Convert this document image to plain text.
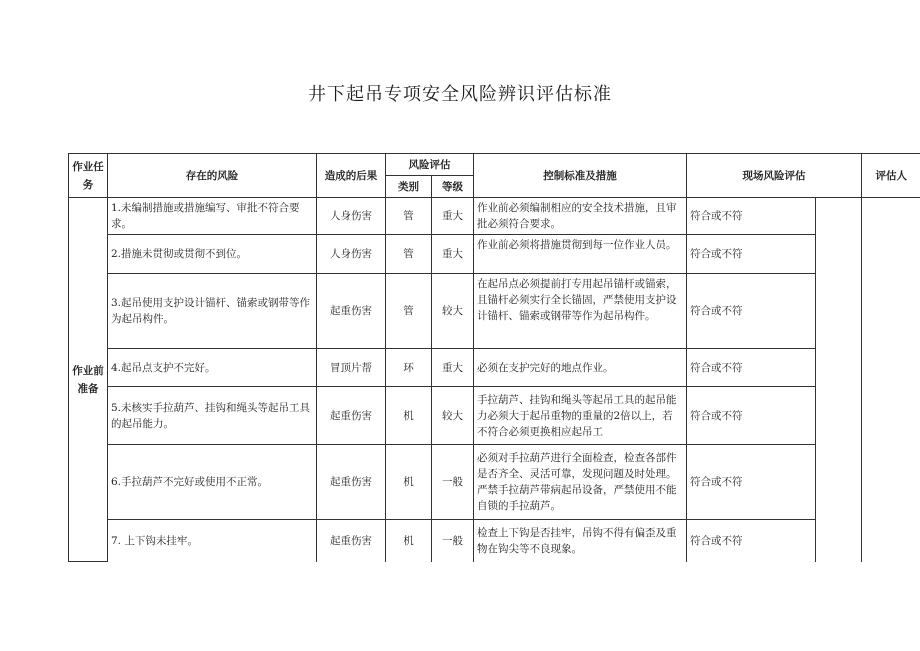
井下起吊专项安全风险辨识评估标准
作业任务	存在的风险	造成的后果	风险评估		控制标准及措施	现场风险评估		评估人
			类别	等级				
作业前准备	1.未编制措施或措施编写、审批不符合要求。	人身伤害	管	重大	作业前必须编制相应的安全技术措施，且审批必须符合要求。	符合或不符		
	2.措施未贯彻或贯彻不到位。	人身伤害	管	重大	作业前必须将措施贯彻到每一位作业人员。	符合或不符		
	3.起吊使用支护设计锚杆、锚索或钢带等作为起吊构件。	起重伤害	管	较大	在起吊点必须提前打专用起吊锚杆或锚索，且锚杆必须实行全长锚固，严禁使用支护设计锚杆、锚索或钢带等作为起吊构件。	符合或不符		
	4.起吊点支护不完好。	冒顶片帮	环	重大	必须在支护完好的地点作业。	符合或不符		
	5.未核实手拉葫芦、挂钩和绳头等起吊工具的起吊能力。	起重伤害	机	较大	手拉葫芦、挂钩和绳头等起吊工具的起吊能力必须大于起吊重物的重量的2倍以上，若不符合必须更换相应起吊工	符合或不符		
	6.手拉葫芦不完好或使用不正常。	起重伤害	机	一般	必须对手拉葫芦进行全面检查，检查各部件是否齐全、灵活可靠，发现问题及时处理。严禁手拉葫芦带病起吊设备，严禁使用不能自锁的手拉葫芦。	符合或不符		
	7. 上下钩未挂牢。	起重伤害	机	一般	检查上下钩是否挂牢，吊钩不得有偏歪及重物在钩尖等不良现象。	符合或不符		
